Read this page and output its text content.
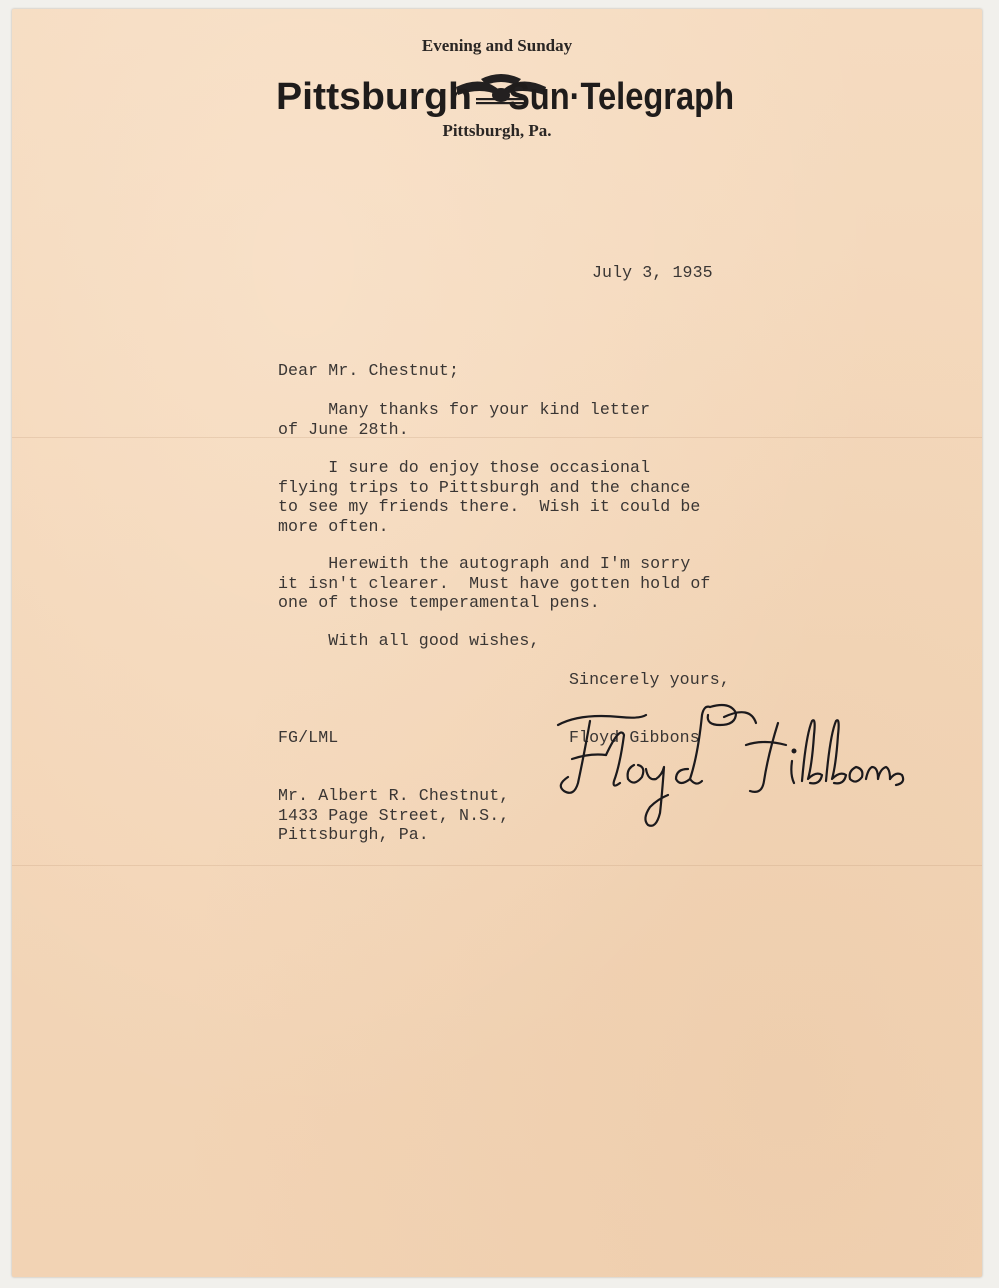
Evening and Sunday
Pittsburgh Sun·Telegraph
Pittsburgh, Pa.
July 3, 1935
Dear Mr. Chestnut;
Many thanks for your kind letter
of June 28th.
I sure do enjoy those occasional
flying trips to Pittsburgh and the chance
to see my friends there.  Wish it could be
more often.
Herewith the autograph and I'm sorry
it isn't clearer.  Must have gotten hold of
one of those temperamental pens.
With all good wishes,
Sincerely yours,
FG/LML	Floyd Gibbons
Mr. Albert R. Chestnut,
1433 Page Street, N.S.,
Pittsburgh, Pa.
